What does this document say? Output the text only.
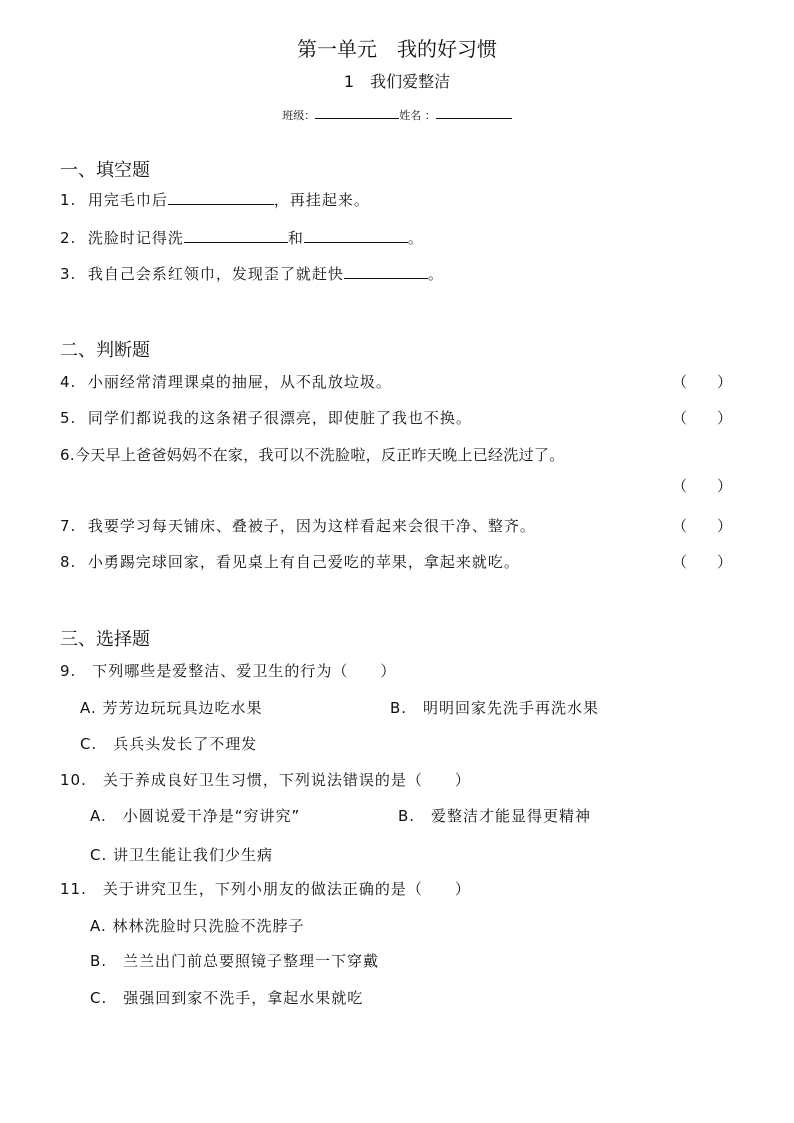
第一单元　我的好习惯
1　我们爱整洁
班级：	姓名 ：
一、填空题
1. 用完毛巾后	，再挂起来。
2. 洗脸时记得洗	和	。
3. 我自己会系红领巾，发现歪了就赶快	。
二、判断题
4. 小丽经常清理课桌的抽屉，从不乱放垃圾。	（　　）
5. 同学们都说我的这条裙子很漂亮，即使脏了我也不换。	（　　）
6.今天早上爸爸妈妈不在家，我可以不洗脸啦，反正昨天晚上已经洗过了。
（　　）
7. 我要学习每天铺床、叠被子，因为这样看起来会很干净、整齐。	（　　）
8. 小勇踢完球回家，看见桌上有自己爱吃的苹果，拿起来就吃。	（　　）
三、选择题
9.　下列哪些是爱整洁、爱卫生的行为（　　）
A. 芳芳边玩玩具边吃水果	B.　明明回家先洗手再洗水果
C.　兵兵头发长了不理发
10.　关于养成良好卫生习惯，下列说法错误的是（　　）
A.　小圆说爱干净是“穷讲究”	B.　爱整洁才能显得更精神
C. 讲卫生能让我们少生病
11.　关于讲究卫生，下列小朋友的做法正确的是（　　）
A. 林林洗脸时只洗脸不洗脖子
B.　兰兰出门前总要照镜子整理一下穿戴
C.　强强回到家不洗手，拿起水果就吃
